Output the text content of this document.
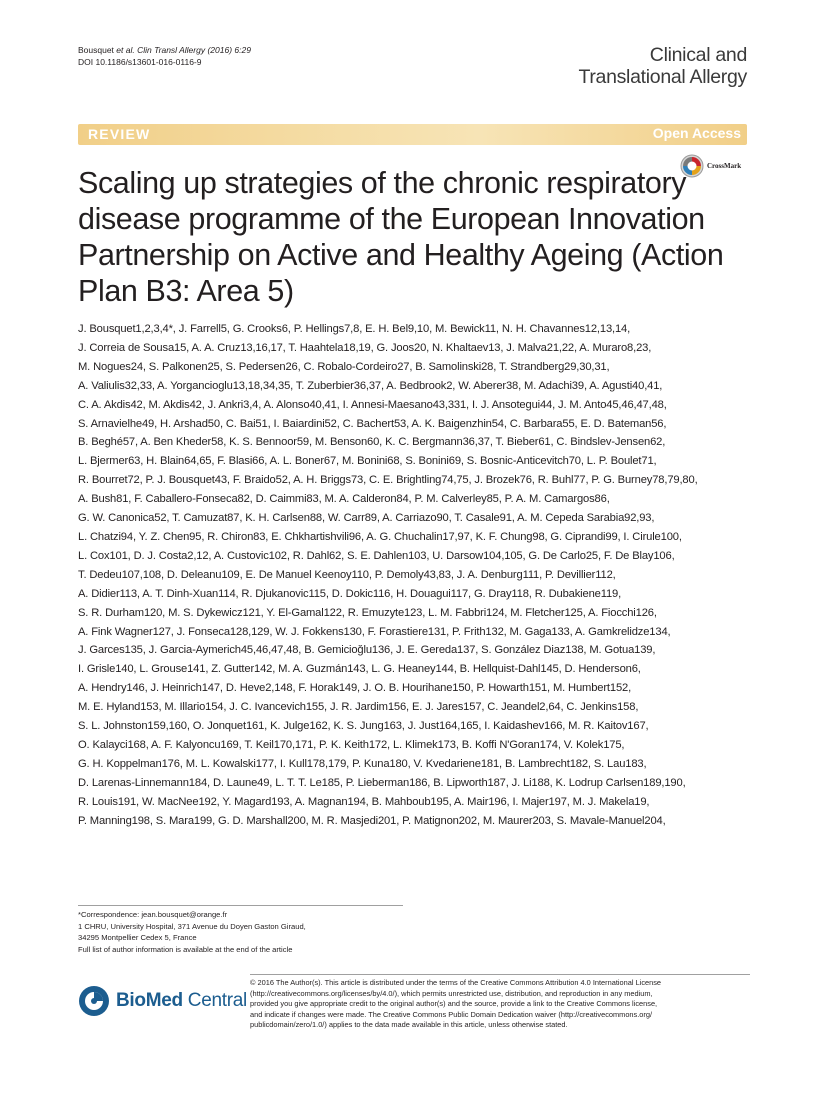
Bousquet et al. Clin Transl Allergy (2016) 6:29
DOI 10.1186/s13601-016-0116-9	Clinical and
Translational Allergy
REVIEW	Open Access
CrossMark
Scaling up strategies of the chronic respiratory disease programme of the European Innovation Partnership on Active and Healthy Ageing (Action Plan B3: Area 5)
J. Bousquet1,2,3,4*, J. Farrell5, G. Crooks6, P. Hellings7,8, E. H. Bel9,10, M. Bewick11, N. H. Chavannes12,13,14,
J. Correia de Sousa15, A. A. Cruz13,16,17, T. Haahtela18,19, G. Joos20, N. Khaltaev13, J. Malva21,22, A. Muraro8,23,
M. Nogues24, S. Palkonen25, S. Pedersen26, C. Robalo-Cordeiro27, B. Samolinski28, T. Strandberg29,30,31,
A. Valiulis32,33, A. Yorgancioglu13,18,34,35, T. Zuberbier36,37, A. Bedbrook2, W. Aberer38, M. Adachi39, A. Agusti40,41,
C. A. Akdis42, M. Akdis42, J. Ankri3,4, A. Alonso40,41, I. Annesi-Maesano43,331, I. J. Ansotegui44, J. M. Anto45,46,47,48,
S. Arnavielhe49, H. Arshad50, C. Bai51, I. Baiardini52, C. Bachert53, A. K. Baigenzhin54, C. Barbara55, E. D. Bateman56,
B. Beghé57, A. Ben Kheder58, K. S. Bennoor59, M. Benson60, K. C. Bergmann36,37, T. Bieber61, C. Bindslev-Jensen62,
L. Bjermer63, H. Blain64,65, F. Blasi66, A. L. Boner67, M. Bonini68, S. Bonini69, S. Bosnic-Anticevitch70, L. P. Boulet71,
R. Bourret72, P. J. Bousquet43, F. Braido52, A. H. Briggs73, C. E. Brightling74,75, J. Brozek76, R. Buhl77, P. G. Burney78,79,80,
A. Bush81, F. Caballero-Fonseca82, D. Caimmi83, M. A. Calderon84, P. M. Calverley85, P. A. M. Camargos86,
G. W. Canonica52, T. Camuzat87, K. H. Carlsen88, W. Carr89, A. Carriazo90, T. Casale91, A. M. Cepeda Sarabia92,93,
L. Chatzi94, Y. Z. Chen95, R. Chiron83, E. Chkhartishvili96, A. G. Chuchalin17,97, K. F. Chung98, G. Ciprandi99, I. Cirule100,
L. Cox101, D. J. Costa2,12, A. Custovic102, R. Dahl62, S. E. Dahlen103, U. Darsow104,105, G. De Carlo25, F. De Blay106,
T. Dedeu107,108, D. Deleanu109, E. De Manuel Keenoy110, P. Demoly43,83, J. A. Denburg111, P. Devillier112,
A. Didier113, A. T. Dinh-Xuan114, R. Djukanovic115, D. Dokic116, H. Douagui117, G. Dray118, R. Dubakiene119,
S. R. Durham120, M. S. Dykewicz121, Y. El-Gamal122, R. Emuzyte123, L. M. Fabbri124, M. Fletcher125, A. Fiocchi126,
A. Fink Wagner127, J. Fonseca128,129, W. J. Fokkens130, F. Forastiere131, P. Frith132, M. Gaga133, A. Gamkrelidze134,
J. Garces135, J. Garcia-Aymerich45,46,47,48, B. Gemicioğlu136, J. E. Gereda137, S. González Diaz138, M. Gotua139,
I. Grisle140, L. Grouse141, Z. Gutter142, M. A. Guzmán143, L. G. Heaney144, B. Hellquist-Dahl145, D. Henderson6,
A. Hendry146, J. Heinrich147, D. Heve2,148, F. Horak149, J. O. B. Hourihane150, P. Howarth151, M. Humbert152,
M. E. Hyland153, M. Illario154, J. C. Ivancevich155, J. R. Jardim156, E. J. Jares157, C. Jeandel2,64, C. Jenkins158,
S. L. Johnston159,160, O. Jonquet161, K. Julge162, K. S. Jung163, J. Just164,165, I. Kaidashev166, M. R. Kaitov167,
O. Kalayci168, A. F. Kalyoncu169, T. Keil170,171, P. K. Keith172, L. Klimek173, B. Koffi N'Goran174, V. Kolek175,
G. H. Koppelman176, M. L. Kowalski177, I. Kull178,179, P. Kuna180, V. Kvedariene181, B. Lambrecht182, S. Lau183,
D. Larenas-Linnemann184, D. Laune49, L. T. T. Le185, P. Lieberman186, B. Lipworth187, J. Li188, K. Lodrup Carlsen189,190,
R. Louis191, W. MacNee192, Y. Magard193, A. Magnan194, B. Mahboub195, A. Mair196, I. Majer197, M. J. Makela19,
P. Manning198, S. Mara199, G. D. Marshall200, M. R. Masjedi201, P. Matignon202, M. Maurer203, S. Mavale-Manuel204,
*Correspondence: jean.bousquet@orange.fr
1 CHRU, University Hospital, 371 Avenue du Doyen Gaston Giraud,
34295 Montpellier Cedex 5, France
Full list of author information is available at the end of the article
BioMed Central
© 2016 The Author(s). This article is distributed under the terms of the Creative Commons Attribution 4.0 International License
(http://creativecommons.org/licenses/by/4.0/), which permits unrestricted use, distribution, and reproduction in any medium,
provided you give appropriate credit to the original author(s) and the source, provide a link to the Creative Commons license,
and indicate if changes were made. The Creative Commons Public Domain Dedication waiver (http://creativecommons.org/
publicdomain/zero/1.0/) applies to the data made available in this article, unless otherwise stated.
